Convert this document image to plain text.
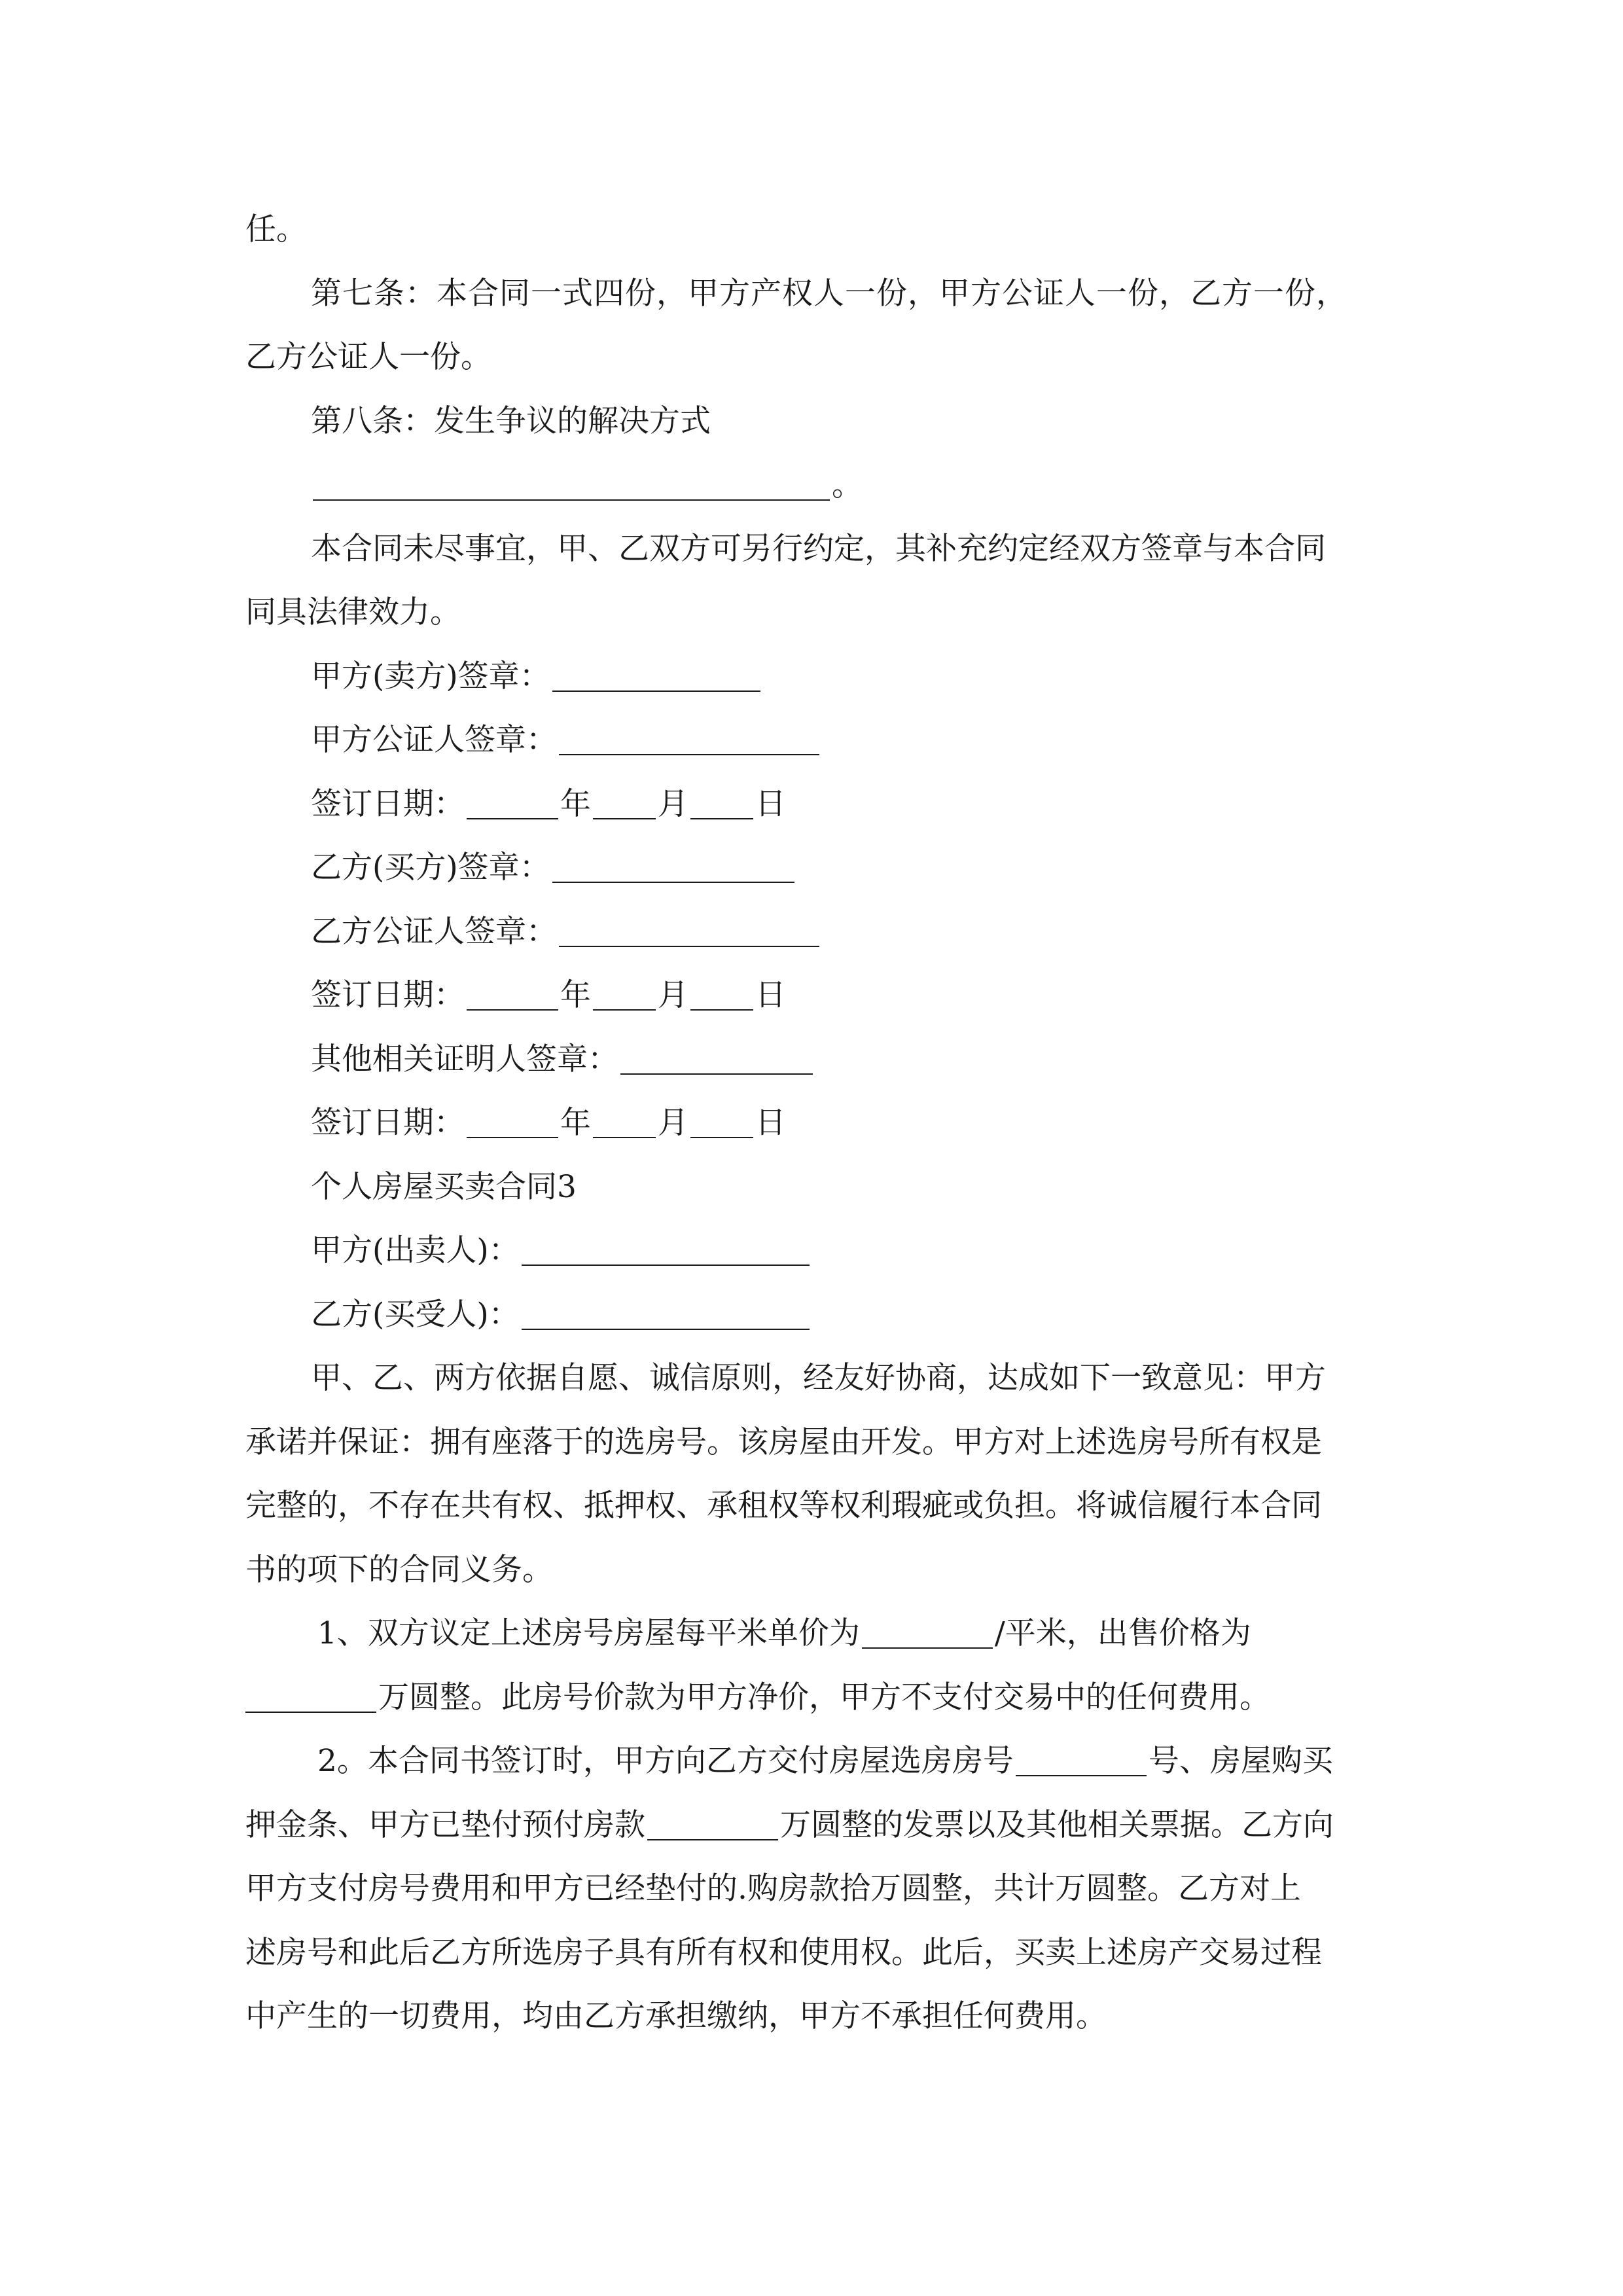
任。
第七条：本合同一式四份，甲方产权人一份，甲方公证人一份，乙方一份，
乙方公证人一份。
第八条：发生争议的解决方式
。
本合同未尽事宜，甲、乙双方可另行约定，其补充约定经双方签章与本合同
同具法律效力。
甲方(卖方)签章：
甲方公证人签章：
签订日期：	年 月 日
乙方(买方)签章：
乙方公证人签章：
签订日期：	年 月 日
其他相关证明人签章：
签订日期：	年 月 日
个人房屋买卖合同3
甲方(出卖人)：
乙方(买受人)：
甲、乙、两方依据自愿、诚信原则，经友好协商，达成如下一致意见：甲方
承诺并保证：拥有座落于的选房号。该房屋由开发。甲方对上述选房号所有权是
完整的，不存在共有权、抵押权、承租权等权利瑕疵或负担。将诚信履行本合同
书的项下的合同义务。
1、双方议定上述房号房屋每平米单价为	/平米，出售价格为
万圆整。此房号价款为甲方净价，甲方不支付交易中的任何费用。
2。本合同书签订时，甲方向乙方交付房屋选房房号	号、房屋购买
押金条、甲方已垫付预付房款	万圆整的发票以及其他相关票据。乙方向
甲方支付房号费用和甲方已经垫付的.购房款拾万圆整，共计万圆整。乙方对上
述房号和此后乙方所选房子具有所有权和使用权。此后，买卖上述房产交易过程
中产生的一切费用，均由乙方承担缴纳，甲方不承担任何费用。
